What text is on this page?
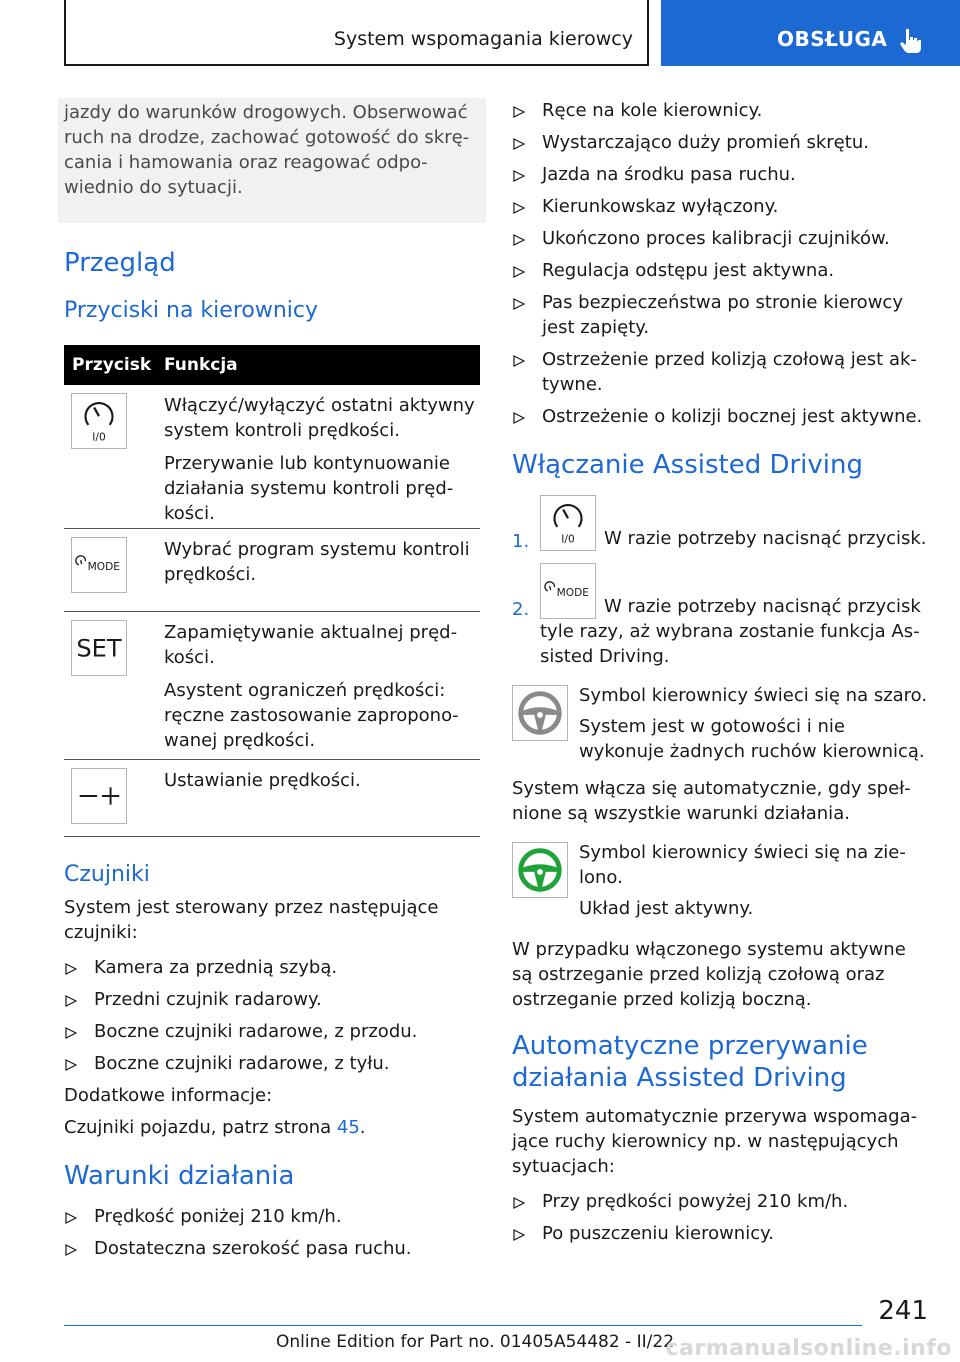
System wspomagania kierowcy	OBSŁUGA

jazdy do warunków drogowych. Obserwować ruch na drodze, zachować gotowość do skręcania i hamowania oraz reagować odpowiednio do sytuacji.

Przegląd
Przyciski na kierownicy
Przycisk Funkcja
I/0

Włączyć/wyłączyć ostatni aktywny system kontroli prędkości.

Przerywanie lub kontynuowanie działania systemu kontroli prędkości.

MODE

Wybrać program systemu kontroli prędkości.

SET

Zapamiętywanie aktualnej prędkości.

Asystent ograniczeń prędkości: ręczne zastosowanie zaproponowanej prędkości.

Ustawianie prędkości.

Czujniki

System jest sterowany przez następujące czujniki:

Kamera za przednią szybą.
Przedni czujnik radarowy.
Boczne czujniki radarowe, z przodu.
Boczne czujniki radarowe, z tyłu.

Dodatkowe informacje:

Czujniki pojazdu, patrz strona 45.

Warunki działania
Prędkość poniżej 210 km/h.
Dostateczna szerokość pasa ruchu.
Ręce na kole kierownicy.
Wystarczająco duży promień skrętu.
Jazda na środku pasa ruchu.
Kierunkowskaz wyłączony.
Ukończono proces kalibracji czujników.
Regulacja odstępu jest aktywna.
Pas bezpieczeństwa po stronie kierowcy jest zapięty.
Ostrzeżenie przed kolizją czołową jest aktywne.
Ostrzeżenie o kolizji bocznej jest aktywne.
Włączanie Assisted Driving
1.	I/0 W razie potrzeby nacisnąć przycisk.
2.

MODE
W razie potrzeby nacisnąć przycisk tyle razy, aż wybrana zostanie funkcja Assisted Driving.

Symbol kierownicy świeci się na szaro.

System jest w gotowości i nie wykonuje żadnych ruchów kierownicą.

System włącza się automatycznie, gdy spełnione są wszystkie warunki działania.

Symbol kierownicy świeci się na zielono.

Układ jest aktywny.

W przypadku włączonego systemu aktywne są ostrzeganie przed kolizją czołową oraz ostrzeganie przed kolizją boczną.

Automatyczne przerywanie
działania Assisted Driving

System automatycznie przerywa wspomagające ruchy kierownicy np. w następujących sytuacjach:

Przy prędkości powyżej 210 km/h.
Po puszczeniu kierownicy.
241
Online Edition for Part no. 01405A54482 - II/22
carmanualsonline.info
